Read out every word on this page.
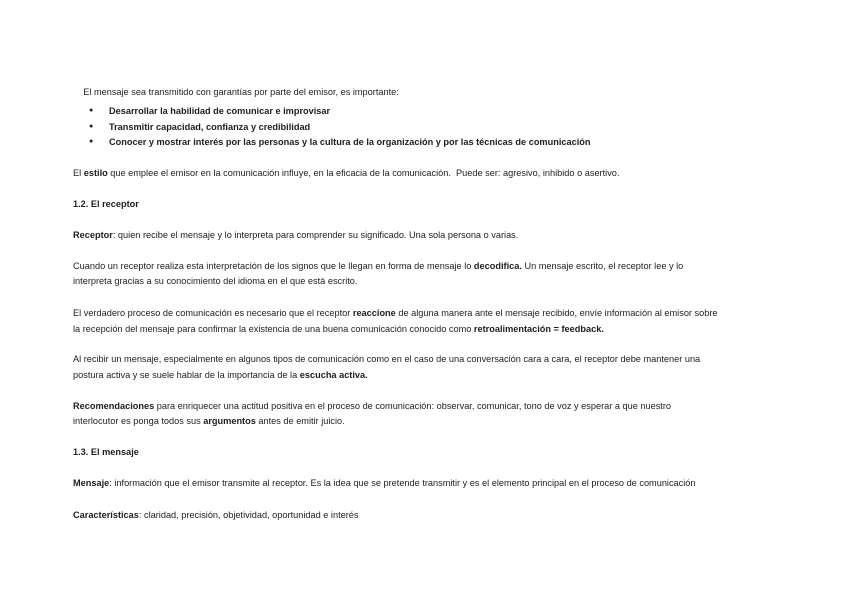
El mensaje sea transmitido con garantías por parte del emisor, es importante:

● Desarrollar la habilidad de comunicar e improvisar
● Transmitir capacidad, confianza y credibilidad
● Conocer y mostrar interés por las personas y la cultura de la organización y por las técnicas de comunicación
El estilo que emplee el emisor en la comunicación influye, en la eficacia de la comunicación.  Puede ser: agresivo, inhibido o asertivo.
1.2. El receptor
Receptor: quien recibe el mensaje y lo interpreta para comprender su significado. Una sola persona o varias.
Cuando un receptor realiza esta interpretación de los signos que le llegan en forma de mensaje lo decodifica. Un mensaje escrito, el receptor lee y lo
interpreta gracias a su conocimiento del idioma en el que está escrito.
El verdadero proceso de comunicación es necesario que el receptor reaccione de alguna manera ante el mensaje recibido, envíe información al emisor sobre
la recepción del mensaje para confirmar la existencia de una buena comunicación conocido como retroalimentación = feedback.
Al recibir un mensaje, especialmente en algunos tipos de comunicación como en el caso de una conversación cara a cara, el receptor debe mantener una
postura activa y se suele hablar de la importancia de la escucha activa.
Recomendaciones para enriquecer una actitud positiva en el proceso de comunicación: observar, comunicar, tono de voz y esperar a que nuestro
interlocutor es ponga todos sus argumentos antes de emitir juicio.
1.3. El mensaje
Mensaje: información que el emisor transmite al receptor. Es la idea que se pretende transmitir y es el elemento principal en el proceso de comunicación
Características: claridad, precisión, objetividad, oportunidad e interés
